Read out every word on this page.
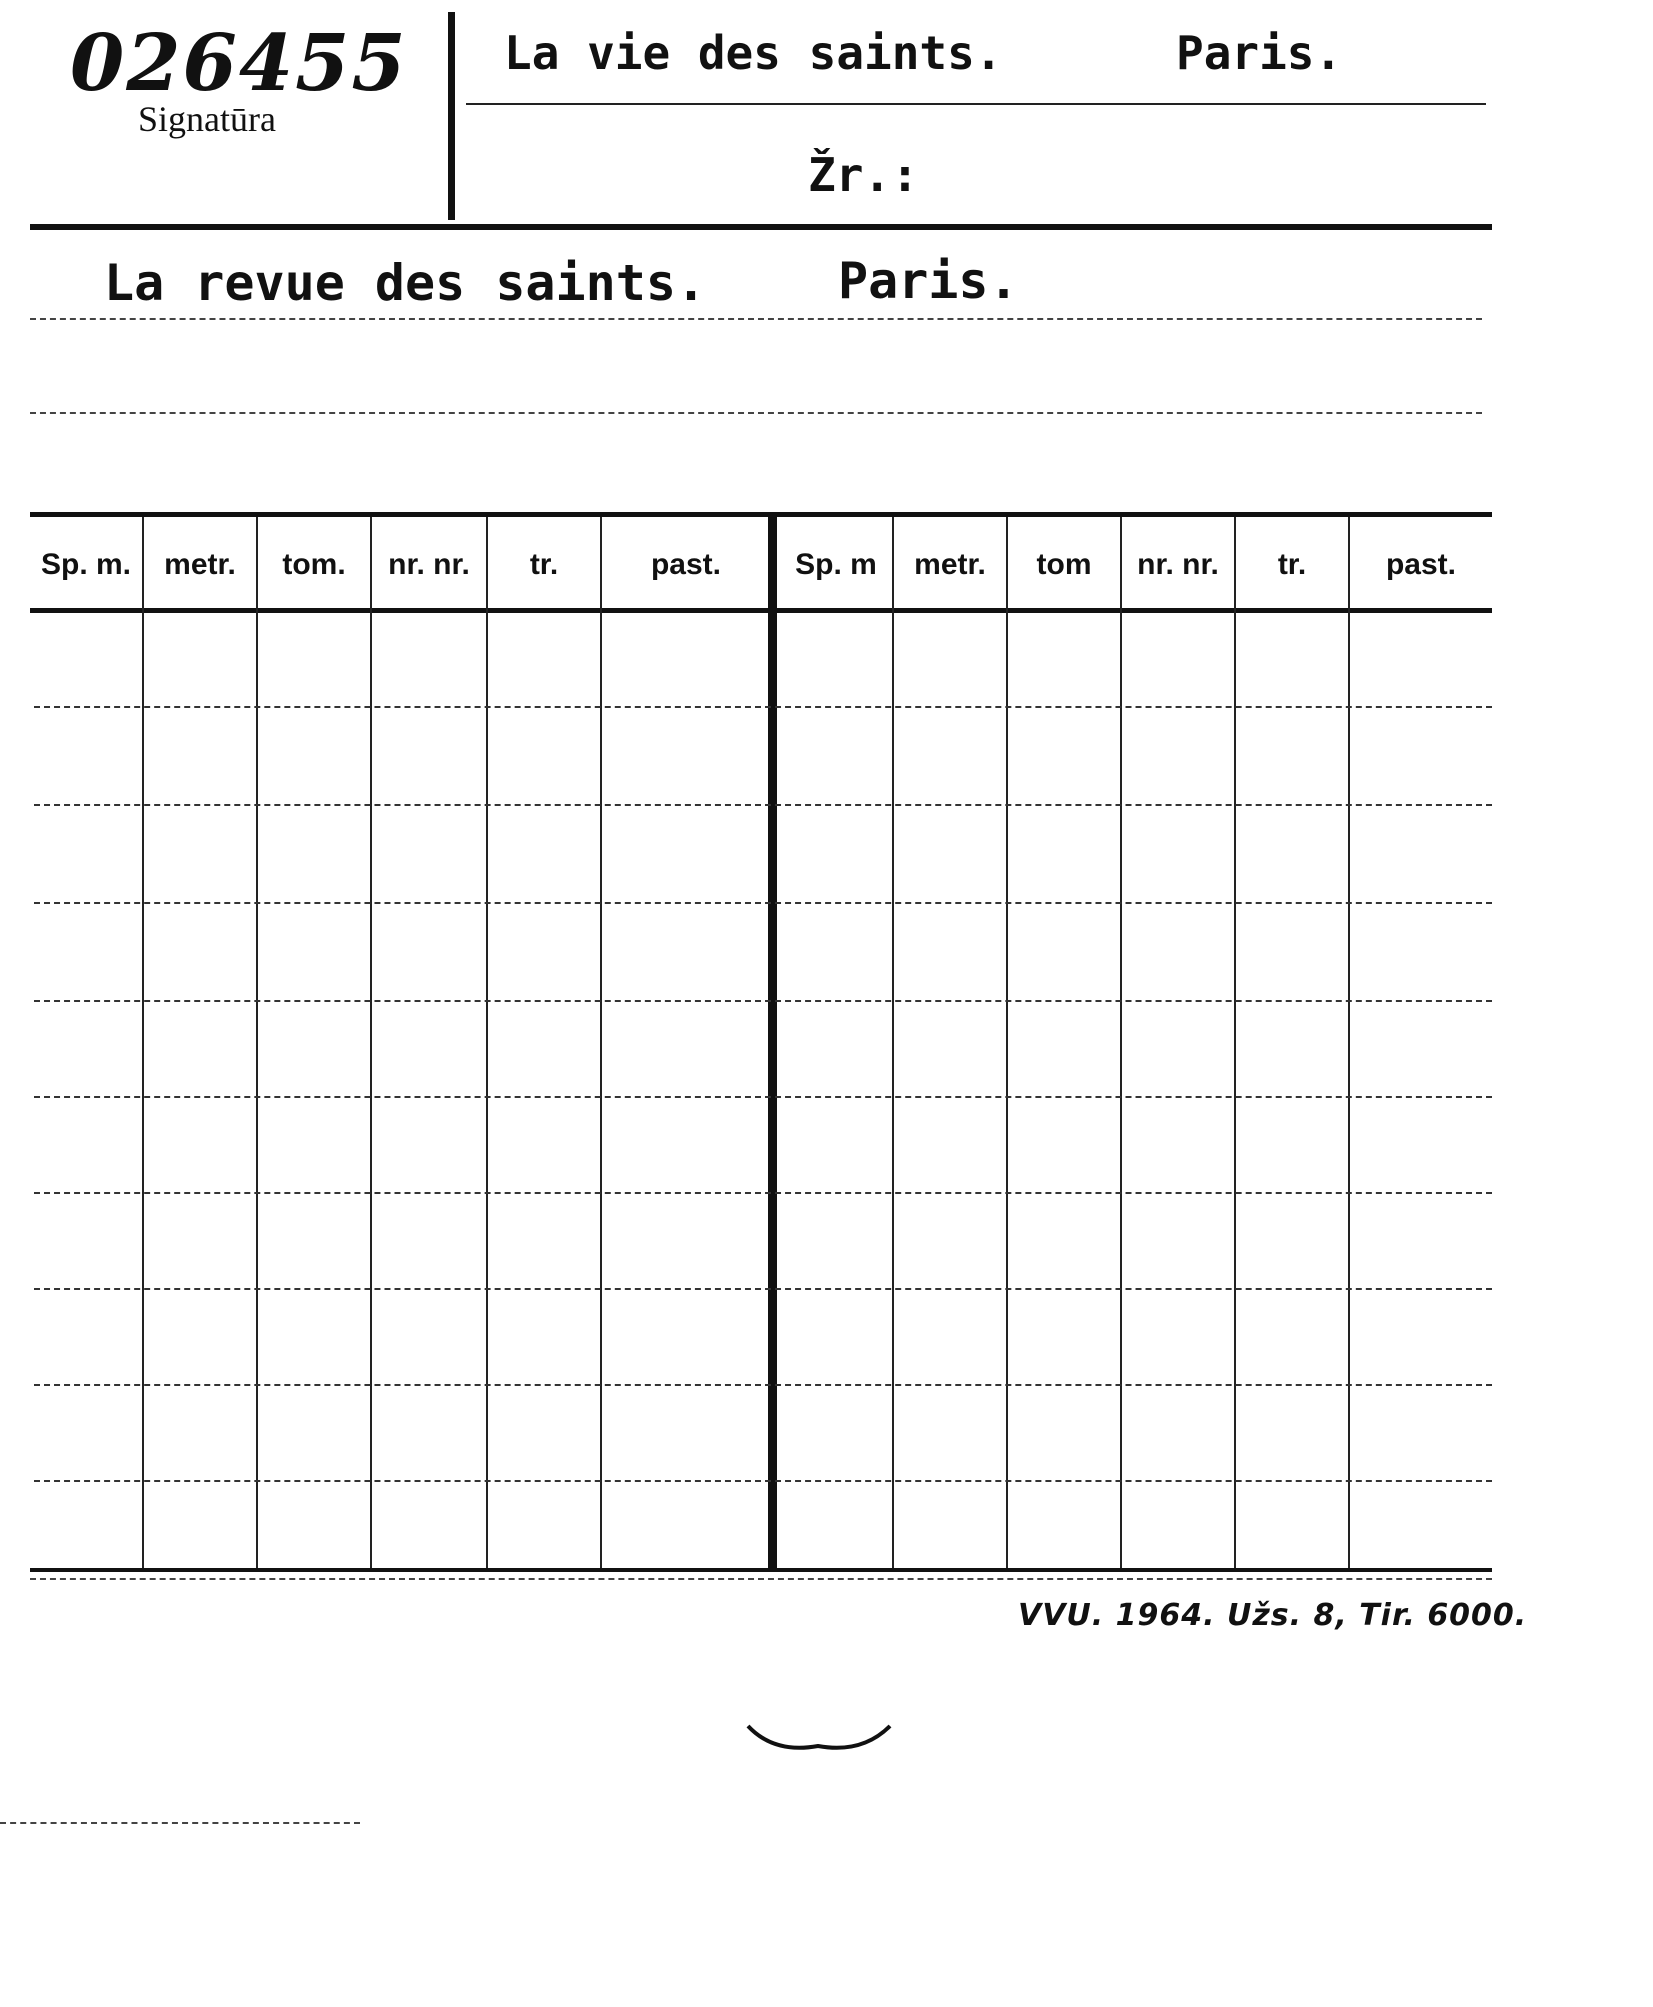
026455
Signatūra
La vie des saints.	Paris.
Žr.:
La revue des saints.	Paris.
Sp. m.	metr.	tom.	nr. nr.	tr.	past.	Sp. m	metr.	tom	nr. nr.	tr.	past.
VVU. 1964. Užs. 8, Tir. 6000.
